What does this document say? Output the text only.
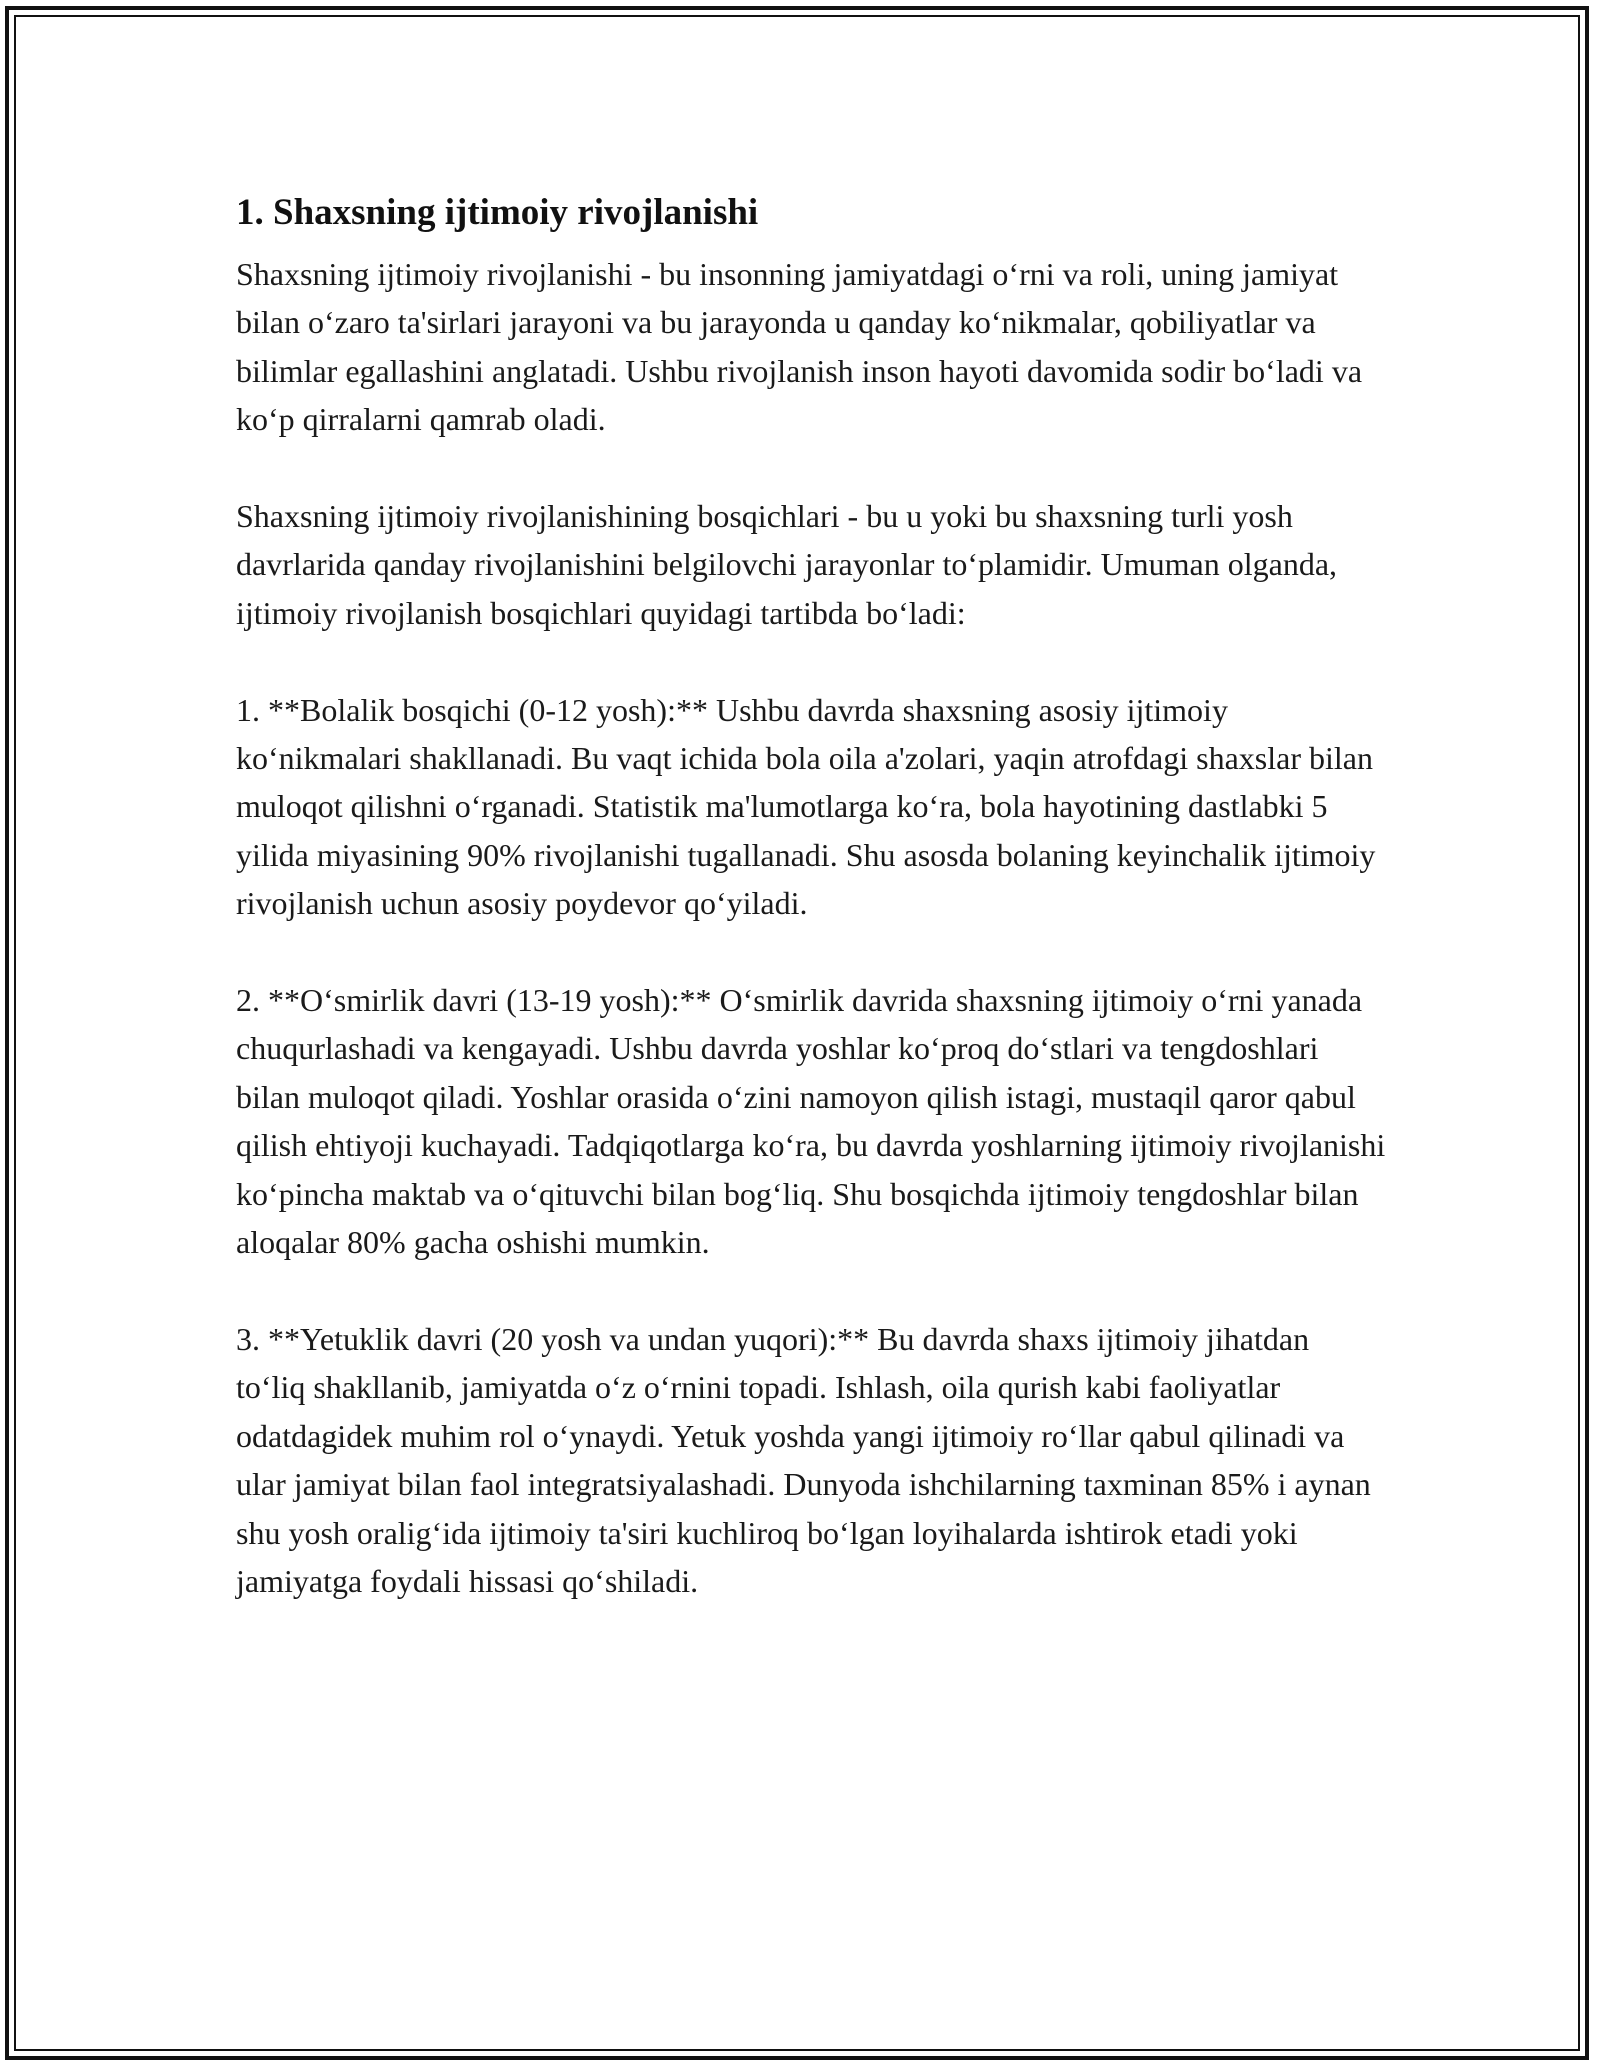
1. Shaxsning ijtimoiy rivojlanishi

Shaxsning ijtimoiy rivojlanishi - bu insonning jamiyatdagi o‘rni va roli, uning jamiyat bilan o‘zaro ta'sirlari jarayoni va bu jarayonda u qanday ko‘nikmalar, qobiliyatlar va bilimlar egallashini anglatadi. Ushbu rivojlanish inson hayoti davomida sodir bo‘ladi va ko‘p qirralarni qamrab oladi.

Shaxsning ijtimoiy rivojlanishining bosqichlari - bu u yoki bu shaxsning turli yosh davrlarida qanday rivojlanishini belgilovchi jarayonlar to‘plamidir. Umuman olganda, ijtimoiy rivojlanish bosqichlari quyidagi tartibda bo‘ladi:

1. **Bolalik bosqichi (0-12 yosh):** Ushbu davrda shaxsning asosiy ijtimoiy ko‘nikmalari shakllanadi. Bu vaqt ichida bola oila a'zolari, yaqin atrofdagi shaxslar bilan muloqot qilishni o‘rganadi. Statistik ma'lumotlarga ko‘ra, bola hayotining dastlabki 5 yilida miyasining 90% rivojlanishi tugallanadi. Shu asosda bolaning keyinchalik ijtimoiy rivojlanish uchun asosiy poydevor qo‘yiladi.

2. **O‘smirlik davri (13-19 yosh):** O‘smirlik davrida shaxsning ijtimoiy o‘rni yanada chuqurlashadi va kengayadi. Ushbu davrda yoshlar ko‘proq do‘stlari va tengdoshlari bilan muloqot qiladi. Yoshlar orasida o‘zini namoyon qilish istagi, mustaqil qaror qabul qilish ehtiyoji kuchayadi. Tadqiqotlarga ko‘ra, bu davrda yoshlarning ijtimoiy rivojlanishi ko‘pincha maktab va o‘qituvchi bilan bog‘liq. Shu bosqichda ijtimoiy tengdoshlar bilan aloqalar 80% gacha oshishi mumkin.

3. **Yetuklik davri (20 yosh va undan yuqori):** Bu davrda shaxs ijtimoiy jihatdan to‘liq shakllanib, jamiyatda o‘z o‘rnini topadi. Ishlash, oila qurish kabi faoliyatlar odatdagidek muhim rol o‘ynaydi. Yetuk yoshda yangi ijtimoiy ro‘llar qabul qilinadi va ular jamiyat bilan faol integratsiyalashadi. Dunyoda ishchilarning taxminan 85% i aynan shu yosh oralig‘ida ijtimoiy ta'siri kuchliroq bo‘lgan loyihalarda ishtirok etadi yoki jamiyatga foydali hissasi qo‘shiladi.
